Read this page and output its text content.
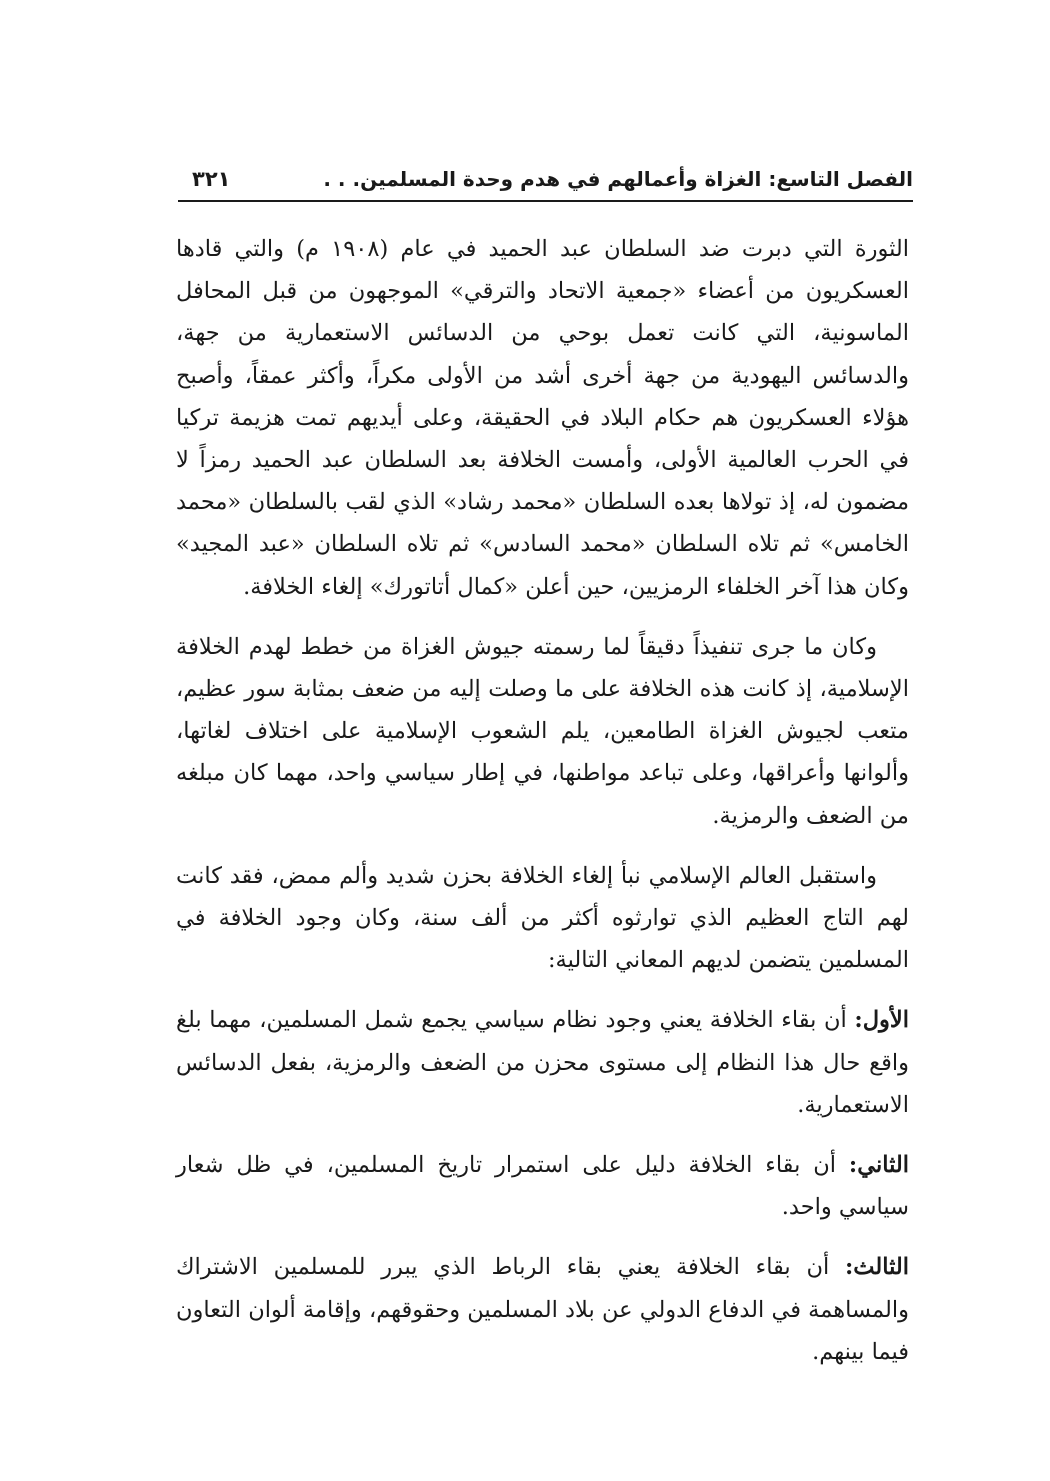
الفصل التاسع: الغزاة وأعمالهم في هدم وحدة المسلمين. . .
٣٢١

الثورة التي دبرت ضد السلطان عبد الحميد في عام (١٩٠٨ م) والتي قادها العسكريون من أعضاء «جمعية الاتحاد والترقي» الموجهون من قبل المحافل الماسونية، التي كانت تعمل بوحي من الدسائس الاستعمارية من جهة، والدسائس اليهودية من جهة أخرى أشد من الأولى مكراً، وأكثر عمقاً، وأصبح هؤلاء العسكريون هم حكام البلاد في الحقيقة، وعلى أيديهم تمت هزيمة تركيا في الحرب العالمية الأولى، وأمست الخلافة بعد السلطان عبد الحميد رمزاً لا مضمون له، إذ تولاها بعده السلطان «محمد رشاد» الذي لقب بالسلطان «محمد الخامس» ثم تلاه السلطان «محمد السادس» ثم تلاه السلطان «عبد المجيد» وكان هذا آخر الخلفاء الرمزيين، حين أعلن «كمال أتاتورك» إلغاء الخلافة.

وكان ما جرى تنفيذاً دقيقاً لما رسمته جيوش الغزاة من خطط لهدم الخلافة الإسلامية، إذ كانت هذه الخلافة على ما وصلت إليه من ضعف بمثابة سور عظيم، متعب لجيوش الغزاة الطامعين، يلم الشعوب الإسلامية على اختلاف لغاتها، وألوانها وأعراقها، وعلى تباعد مواطنها، في إطار سياسي واحد، مهما كان مبلغه من الضعف والرمزية.

واستقبل العالم الإسلامي نبأ إلغاء الخلافة بحزن شديد وألم ممض، فقد كانت لهم التاج العظيم الذي توارثوه أكثر من ألف سنة، وكان وجود الخلافة في المسلمين يتضمن لديهم المعاني التالية:

الأول: أن بقاء الخلافة يعني وجود نظام سياسي يجمع شمل المسلمين، مهما بلغ واقع حال هذا النظام إلى مستوى محزن من الضعف والرمزية، بفعل الدسائس الاستعمارية.

الثاني: أن بقاء الخلافة دليل على استمرار تاريخ المسلمين، في ظل شعار سياسي واحد.

الثالث: أن بقاء الخلافة يعني بقاء الرباط الذي يبرر للمسلمين الاشتراك والمساهمة في الدفاع الدولي عن بلاد المسلمين وحقوقهم، وإقامة ألوان التعاون فيما بينهم.
